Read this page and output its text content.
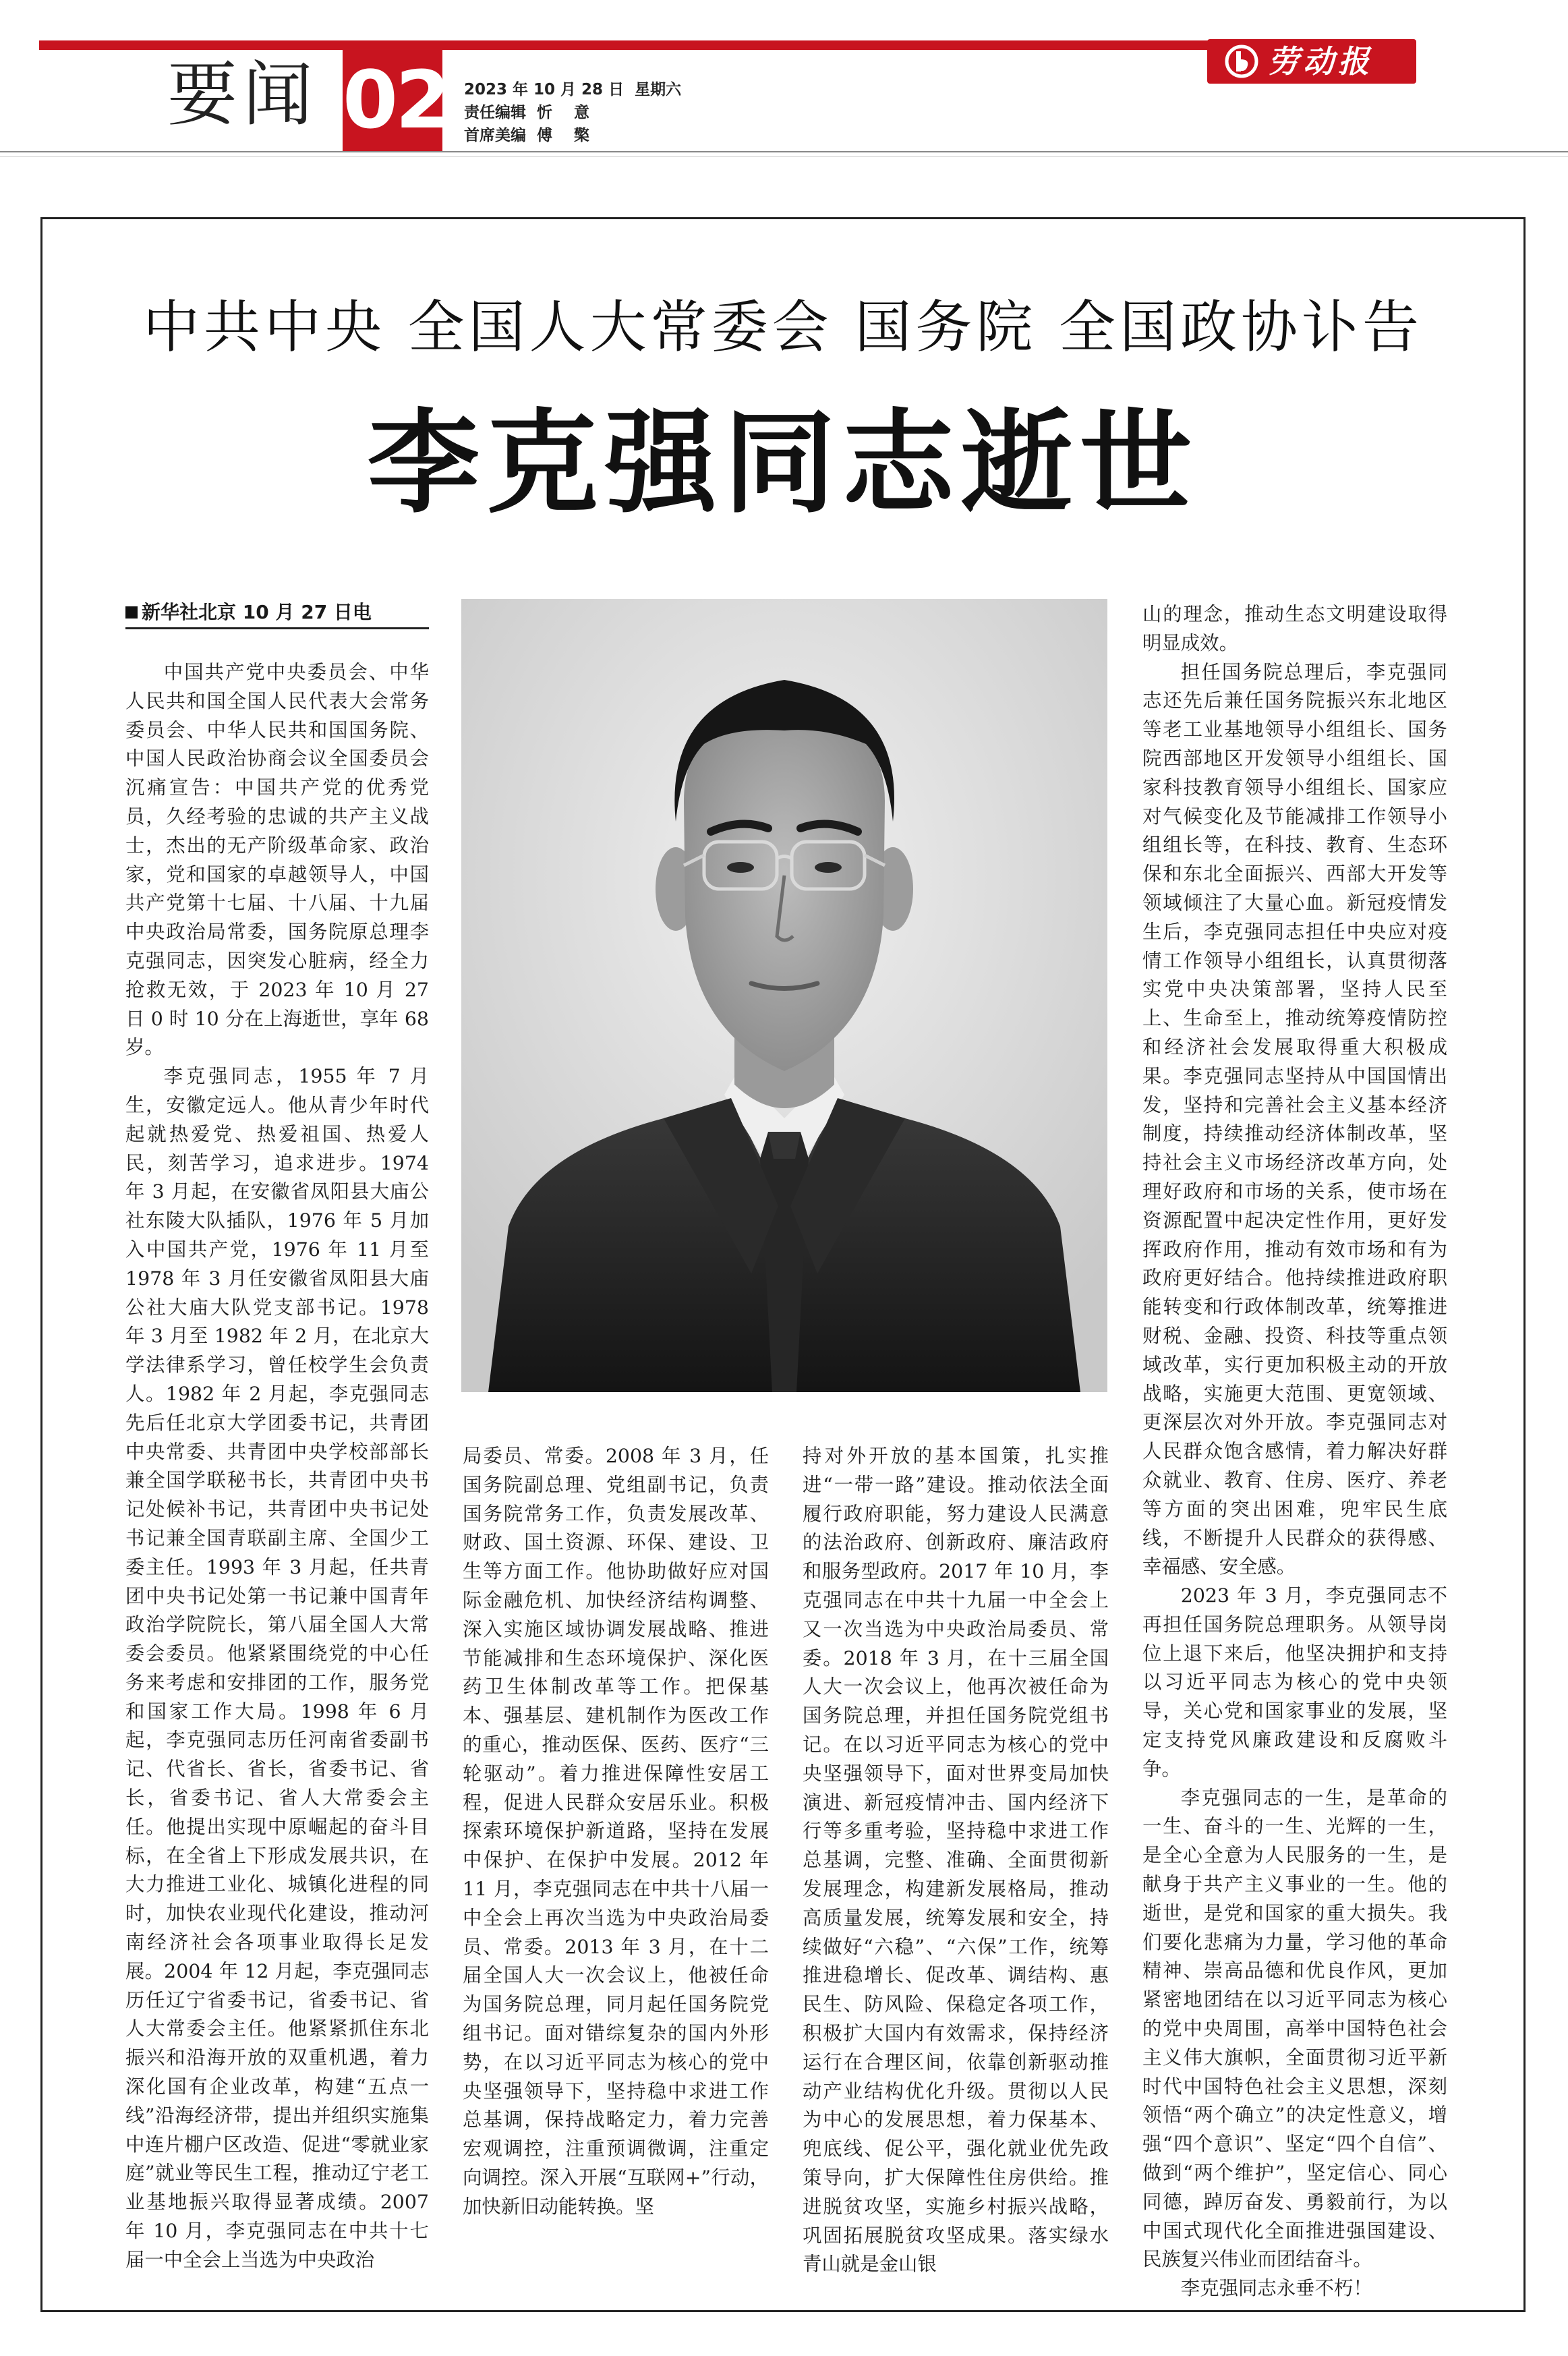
要闻 02 2023 年 10 月 28 日  星期六
责任编辑  忻    意
首席美编  傅    檠
劳动报
中共中央 全国人大常委会 国务院 全国政协讣告
李克强同志逝世
新华社北京 10 月 27 日电

中国共产党中央委员会、中华人民共和国全国人民代表大会常务委员会、中华人民共和国国务院、中国人民政治协商会议全国委员会沉痛宣告：中国共产党的优秀党员，久经考验的忠诚的共产主义战士，杰出的无产阶级革命家、政治家，党和国家的卓越领导人，中国共产党第十七届、十八届、十九届中央政治局常委，国务院原总理李克强同志，因突发心脏病，经全力抢救无效，于 2023 年 10 月 27 日 0 时 10 分在上海逝世，享年 68 岁。

李克强同志，1955 年 7 月生，安徽定远人。他从青少年时代起就热爱党、热爱祖国、热爱人民，刻苦学习，追求进步。1974 年 3 月起，在安徽省凤阳县大庙公社东陵大队插队，1976 年 5 月加入中国共产党，1976 年 11 月至 1978 年 3 月任安徽省凤阳县大庙公社大庙大队党支部书记。1978 年 3 月至 1982 年 2 月，在北京大学法律系学习，曾任校学生会负责人。1982 年 2 月起，李克强同志先后任北京大学团委书记，共青团中央常委、共青团中央学校部部长兼全国学联秘书长，共青团中央书记处候补书记，共青团中央书记处书记兼全国青联副主席、全国少工委主任。1993 年 3 月起，任共青团中央书记处第一书记兼中国青年政治学院院长，第八届全国人大常委会委员。他紧紧围绕党的中心任务来考虑和安排团的工作，服务党和国家工作大局。1998 年 6 月起，李克强同志历任河南省委副书记、代省长、省长，省委书记、省长，省委书记、省人大常委会主任。他提出实现中原崛起的奋斗目标，在全省上下形成发展共识，在大力推进工业化、城镇化进程的同时，加快农业现代化建设，推动河南经济社会各项事业取得长足发展。2004 年 12 月起，李克强同志历任辽宁省委书记，省委书记、省人大常委会主任。他紧紧抓住东北振兴和沿海开放的双重机遇，着力深化国有企业改革，构建“五点一线”沿海经济带，提出并组织实施集中连片棚户区改造、促进“零就业家庭”就业等民生工程，推动辽宁老工业基地振兴取得显著成绩。2007 年 10 月，李克强同志在中共十七届一中全会上当选为中央政治

局委员、常委。2008 年 3 月，任国务院副总理、党组副书记，负责国务院常务工作，负责发展改革、财政、国土资源、环保、建设、卫生等方面工作。他协助做好应对国际金融危机、加快经济结构调整、深入实施区域协调发展战略、推进节能减排和生态环境保护、深化医药卫生体制改革等工作。把保基本、强基层、建机制作为医改工作的重心，推动医保、医药、医疗“三轮驱动”。着力推进保障性安居工程，促进人民群众安居乐业。积极探索环境保护新道路，坚持在发展中保护、在保护中发展。2012 年 11 月，李克强同志在中共十八届一中全会上再次当选为中央政治局委员、常委。2013 年 3 月，在十二届全国人大一次会议上，他被任命为国务院总理，同月起任国务院党组书记。面对错综复杂的国内外形势，在以习近平同志为核心的党中央坚强领导下，坚持稳中求进工作总基调，保持战略定力，着力完善宏观调控，注重预调微调，注重定向调控。深入开展“互联网+”行动，加快新旧动能转换。坚

持对外开放的基本国策，扎实推进“一带一路”建设。推动依法全面履行政府职能，努力建设人民满意的法治政府、创新政府、廉洁政府和服务型政府。2017 年 10 月，李克强同志在中共十九届一中全会上又一次当选为中央政治局委员、常委。2018 年 3 月，在十三届全国人大一次会议上，他再次被任命为国务院总理，并担任国务院党组书记。在以习近平同志为核心的党中央坚强领导下，面对世界变局加快演进、新冠疫情冲击、国内经济下行等多重考验，坚持稳中求进工作总基调，完整、准确、全面贯彻新发展理念，构建新发展格局，推动高质量发展，统筹发展和安全，持续做好“六稳”、“六保”工作，统筹推进稳增长、促改革、调结构、惠民生、防风险、保稳定各项工作，积极扩大国内有效需求，保持经济运行在合理区间，依靠创新驱动推动产业结构优化升级。贯彻以人民为中心的发展思想，着力保基本、兜底线、促公平，强化就业优先政策导向，扩大保障性住房供给。推进脱贫攻坚，实施乡村振兴战略，巩固拓展脱贫攻坚成果。落实绿水青山就是金山银

山的理念，推动生态文明建设取得明显成效。

担任国务院总理后，李克强同志还先后兼任国务院振兴东北地区等老工业基地领导小组组长、国务院西部地区开发领导小组组长、国家科技教育领导小组组长、国家应对气候变化及节能减排工作领导小组组长等，在科技、教育、生态环保和东北全面振兴、西部大开发等领域倾注了大量心血。新冠疫情发生后，李克强同志担任中央应对疫情工作领导小组组长，认真贯彻落实党中央决策部署，坚持人民至上、生命至上，推动统筹疫情防控和经济社会发展取得重大积极成果。李克强同志坚持从中国国情出发，坚持和完善社会主义基本经济制度，持续推动经济体制改革，坚持社会主义市场经济改革方向，处理好政府和市场的关系，使市场在资源配置中起决定性作用，更好发挥政府作用，推动有效市场和有为政府更好结合。他持续推进政府职能转变和行政体制改革，统筹推进财税、金融、投资、科技等重点领域改革，实行更加积极主动的开放战略，实施更大范围、更宽领域、更深层次对外开放。李克强同志对人民群众饱含感情，着力解决好群众就业、教育、住房、医疗、养老等方面的突出困难，兜牢民生底线，不断提升人民群众的获得感、幸福感、安全感。

2023 年 3 月，李克强同志不再担任国务院总理职务。从领导岗位上退下来后，他坚决拥护和支持以习近平同志为核心的党中央领导，关心党和国家事业的发展，坚定支持党风廉政建设和反腐败斗争。

李克强同志的一生，是革命的一生、奋斗的一生、光辉的一生，是全心全意为人民服务的一生，是献身于共产主义事业的一生。他的逝世，是党和国家的重大损失。我们要化悲痛为力量，学习他的革命精神、崇高品德和优良作风，更加紧密地团结在以习近平同志为核心的党中央周围，高举中国特色社会主义伟大旗帜，全面贯彻习近平新时代中国特色社会主义思想，深刻领悟“两个确立”的决定性意义，增强“四个意识”、坚定“四个自信”、做到“两个维护”，坚定信心、同心同德，踔厉奋发、勇毅前行，为以中国式现代化全面推进强国建设、民族复兴伟业而团结奋斗。

李克强同志永垂不朽！
